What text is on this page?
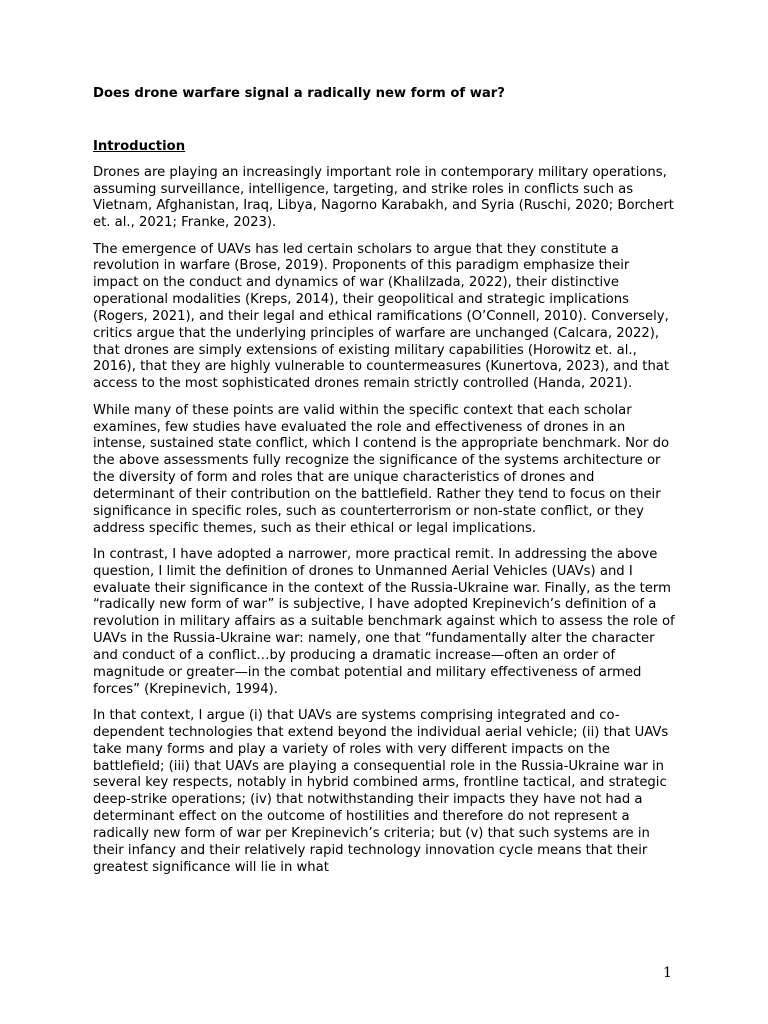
Does drone warfare signal a radically new form of war?

Introduction

Drones are playing an increasingly important role in contemporary military operations, assuming surveillance, intelligence, targeting, and strike roles in conflicts such as Vietnam, Afghanistan, Iraq, Libya, Nagorno Karabakh, and Syria (Ruschi, 2020; Borchert et. al., 2021; Franke, 2023).

The emergence of UAVs has led certain scholars to argue that they constitute a revolution in warfare (Brose, 2019). Proponents of this paradigm emphasize their impact on the conduct and dynamics of war (Khalilzada, 2022), their distinctive operational modalities (Kreps, 2014), their geopolitical and strategic implications (Rogers, 2021), and their legal and ethical ramifications (O’Connell, 2010). Conversely, critics argue that the underlying principles of warfare are unchanged (Calcara, 2022), that drones are simply extensions of existing military capabilities (Horowitz et. al., 2016), that they are highly vulnerable to countermeasures (Kunertova, 2023), and that access to the most sophisticated drones remain strictly controlled (Handa, 2021).

While many of these points are valid within the specific context that each scholar examines, few studies have evaluated the role and effectiveness of drones in an intense, sustained state conflict, which I contend is the appropriate benchmark. Nor do the above assessments fully recognize the significance of the systems architecture or the diversity of form and roles that are unique characteristics of drones and determinant of their contribution on the battlefield. Rather they tend to focus on their significance in specific roles, such as counterterrorism or non-state conflict, or they address specific themes, such as their ethical or legal implications.

In contrast, I have adopted a narrower, more practical remit. In addressing the above question, I limit the definition of drones to Unmanned Aerial Vehicles (UAVs) and I evaluate their significance in the context of the Russia-Ukraine war. Finally, as the term “radically new form of war” is subjective, I have adopted Krepinevich’s definition of a revolution in military affairs as a suitable benchmark against which to assess the role of UAVs in the Russia-Ukraine war: namely, one that “fundamentally alter the character and conduct of a conflict…by producing a dramatic increase—often an order of magnitude or greater—in the combat potential and military effectiveness of armed forces” (Krepinevich, 1994).

In that context, I argue (i) that UAVs are systems comprising integrated and co-dependent technologies that extend beyond the individual aerial vehicle; (ii) that UAVs take many forms and play a variety of roles with very different impacts on the battlefield; (iii) that UAVs are playing a consequential role in the Russia-Ukraine war in several key respects, notably in hybrid combined arms, frontline tactical, and strategic deep-strike operations; (iv) that notwithstanding their impacts they have not had a determinant effect on the outcome of hostilities and therefore do not represent a radically new form of war per Krepinevich’s criteria; but (v) that such systems are in their infancy and their relatively rapid technology innovation cycle means that their greatest significance will lie in what

1
